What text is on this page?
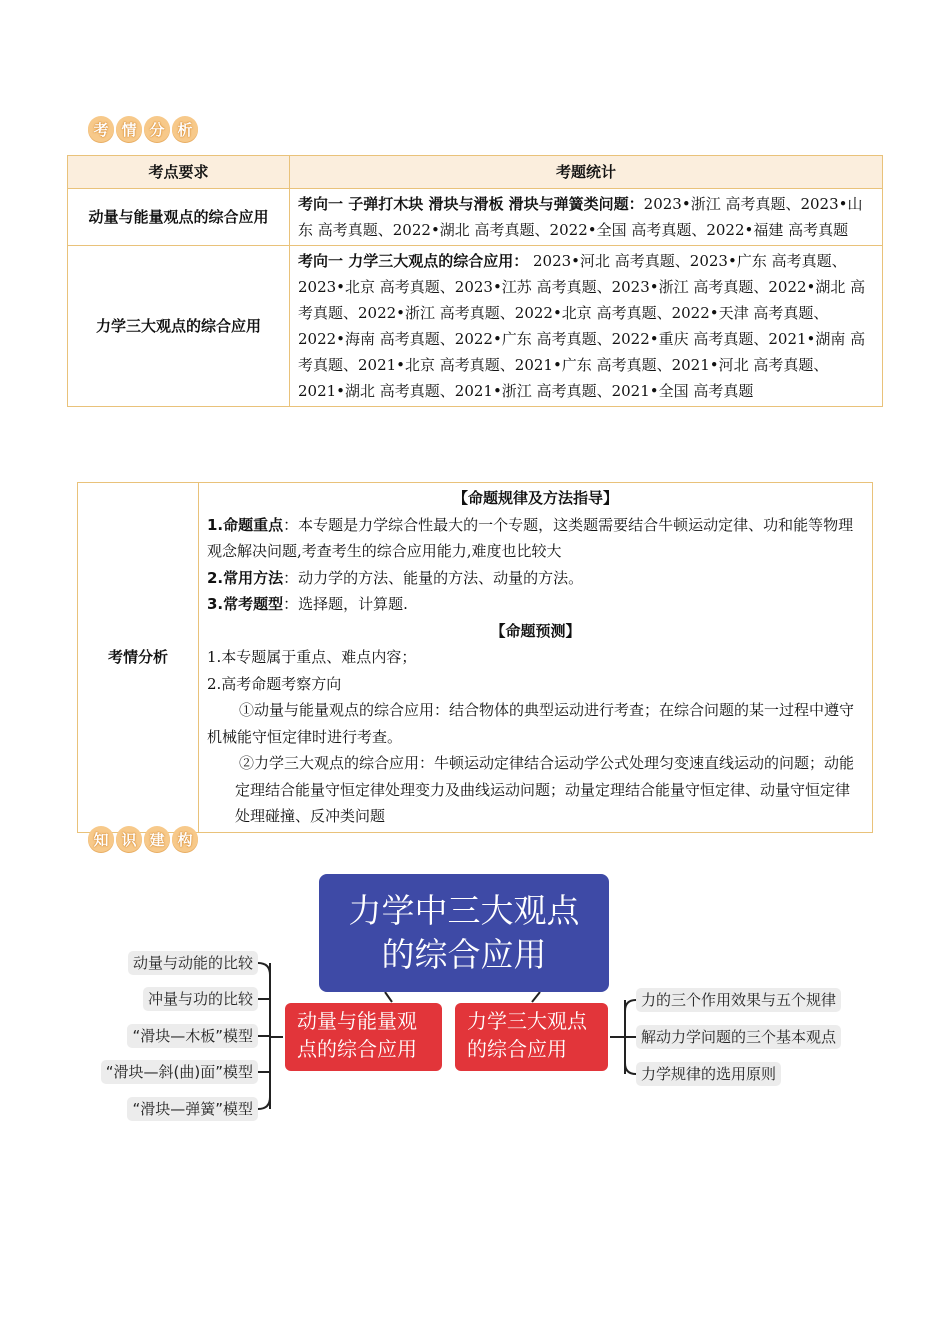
考 情 分 析
考点要求	考题统计
动量与能量观点的综合应用	考向一 子弹打木块 滑块与滑板 滑块与弹簧类问题：2023•浙江 高考真题、2023•山东 高考真题、2022•湖北 高考真题、2022•全国 高考真题、2022•福建 高考真题
力学三大观点的综合应用	考向一 力学三大观点的综合应用： 2023•河北 高考真题、2023•广东 高考真题、2023•北京 高考真题、2023•江苏 高考真题、2023•浙江 高考真题、2022•湖北 高考真题、2022•浙江 高考真题、2022•北京 高考真题、2022•天津 高考真题、2022•海南 高考真题、2022•广东 高考真题、2022•重庆 高考真题、2021•湖南 高考真题、2021•北京 高考真题、2021•广东 高考真题、2021•河北 高考真题、2021•湖北 高考真题、2021•浙江 高考真题、2021•全国 高考真题
考情分析	
【命题规律及方法指导】
1.命题重点：本专题是力学综合性最大的一个专题，这类题需要结合牛顿运动定律、功和能等物理观念解决问题,考查考生的综合应用能力,难度也比较大
2.常用方法：动力学的方法、能量的方法、动量的方法。
3.常考题型：选择题，计算题.
【命题预测】
1.本专题属于重点、难点内容；
2.高考命题考察方向
①动量与能量观点的综合应用：结合物体的典型运动进行考查；在综合问题的某一过程中遵守机械能守恒定律时进行考查。
②力学三大观点的综合应用：牛顿运动定律结合运动学公式处理匀变速直线运动的问题；动能定理结合能量守恒定律处理变力及曲线运动问题；动量定理结合能量守恒定律、动量守恒定律处理碰撞、反冲类问题
知 识 建 构
力学中三大观点的综合应用
动量与能量观点的综合应用
力学三大观点的综合应用
动量与动能的比较
冲量与功的比较
“滑块—木板”模型
“滑块—斜(曲)面”模型
“滑块—弹簧”模型
力的三个作用效果与五个规律
解动力学问题的三个基本观点
力学规律的选用原则
